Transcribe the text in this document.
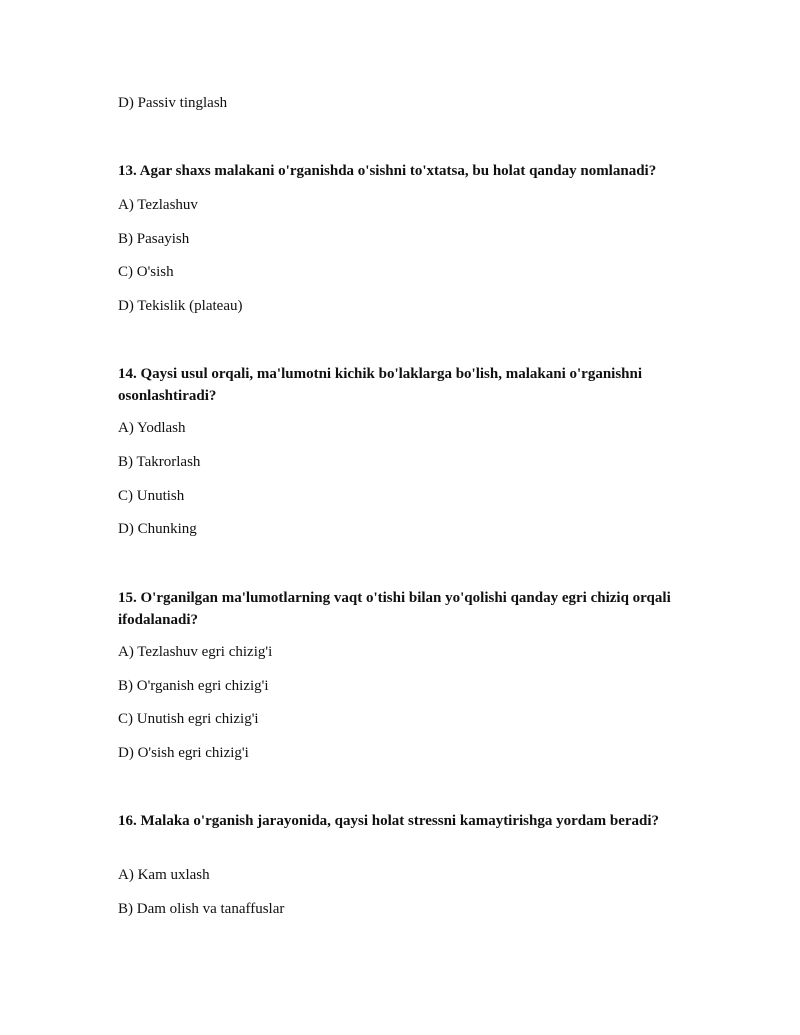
D) Passiv tinglash
13. Agar shaxs malakani o'rganishda o'sishni to'xtatsa, bu holat qanday nomlanadi?
A) Tezlashuv
B) Pasayish
C) O'sish
D) Tekislik (plateau)
14. Qaysi usul orqali, ma'lumotni kichik bo'laklarga bo'lish, malakani o'rganishni osonlashtiradi?
A) Yodlash
B) Takrorlash
C) Unutish
D) Chunking
15. O'rganilgan ma'lumotlarning vaqt o'tishi bilan yo'qolishi qanday egri chiziq orqali ifodalanadi?
A) Tezlashuv egri chizig'i
B) O'rganish egri chizig'i
C) Unutish egri chizig'i
D) O'sish egri chizig'i
16. Malaka o'rganish jarayonida, qaysi holat stressni kamaytirishga yordam beradi?
A) Kam uxlash
B) Dam olish va tanaffuslar
